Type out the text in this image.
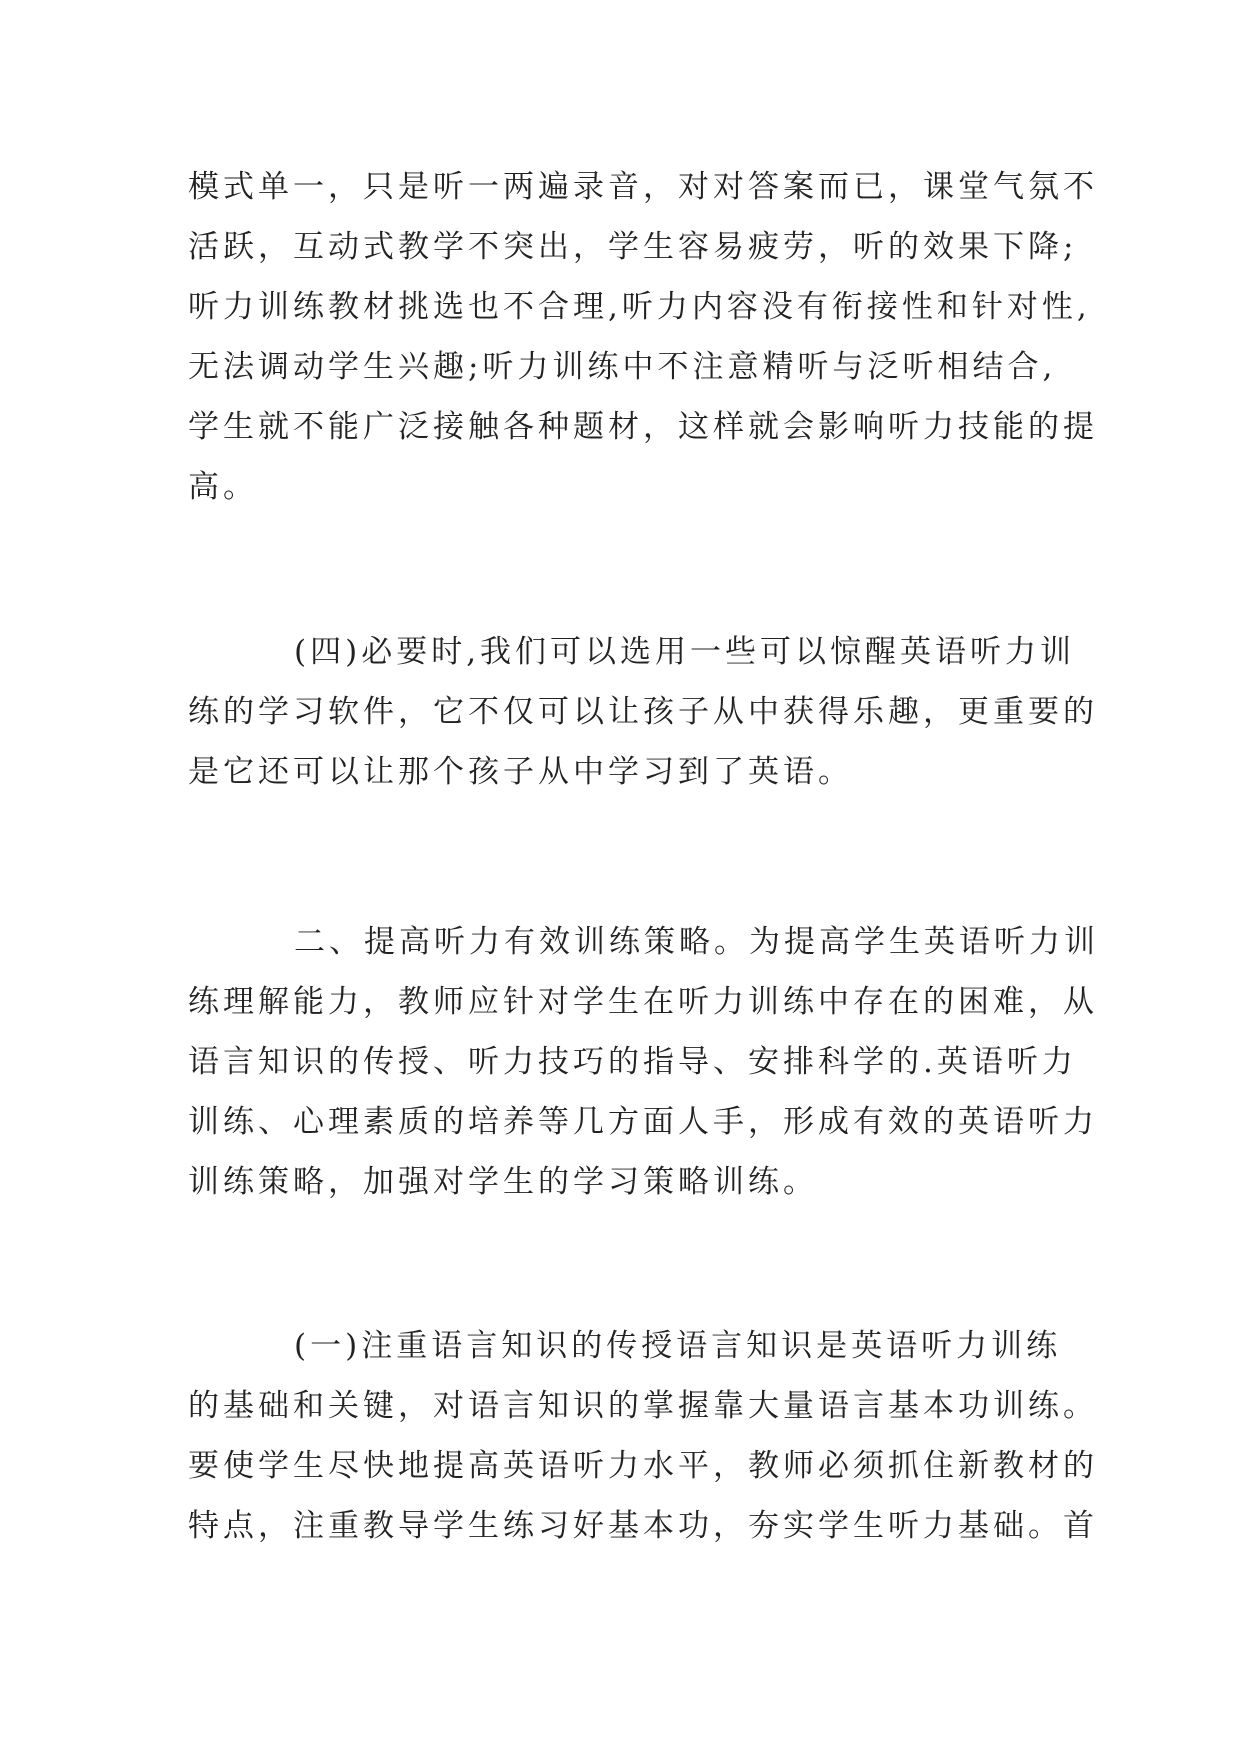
模式单一，只是听一两遍录音，对对答案而已，课堂气氛不
活跃，互动式教学不突出，学生容易疲劳，听的效果下降;
听力训练教材挑选也不合理,听力内容没有衔接性和针对性,
无法调动学生兴趣;听力训练中不注意精听与泛听相结合,
学生就不能广泛接触各种题材，这样就会影响听力技能的提
高。
(四)必要时,我们可以选用一些可以惊醒英语听力训
练的学习软件，它不仅可以让孩子从中获得乐趣，更重要的
是它还可以让那个孩子从中学习到了英语。
二、提高听力有效训练策略。为提高学生英语听力训
练理解能力，教师应针对学生在听力训练中存在的困难，从
语言知识的传授、听力技巧的指导、安排科学的.英语听力
训练、心理素质的培养等几方面人手，形成有效的英语听力
训练策略，加强对学生的学习策略训练。
(一)注重语言知识的传授语言知识是英语听力训练
的基础和关键，对语言知识的掌握靠大量语言基本功训练。
要使学生尽快地提高英语听力水平，教师必须抓住新教材的
特点，注重教导学生练习好基本功，夯实学生听力基础。首
